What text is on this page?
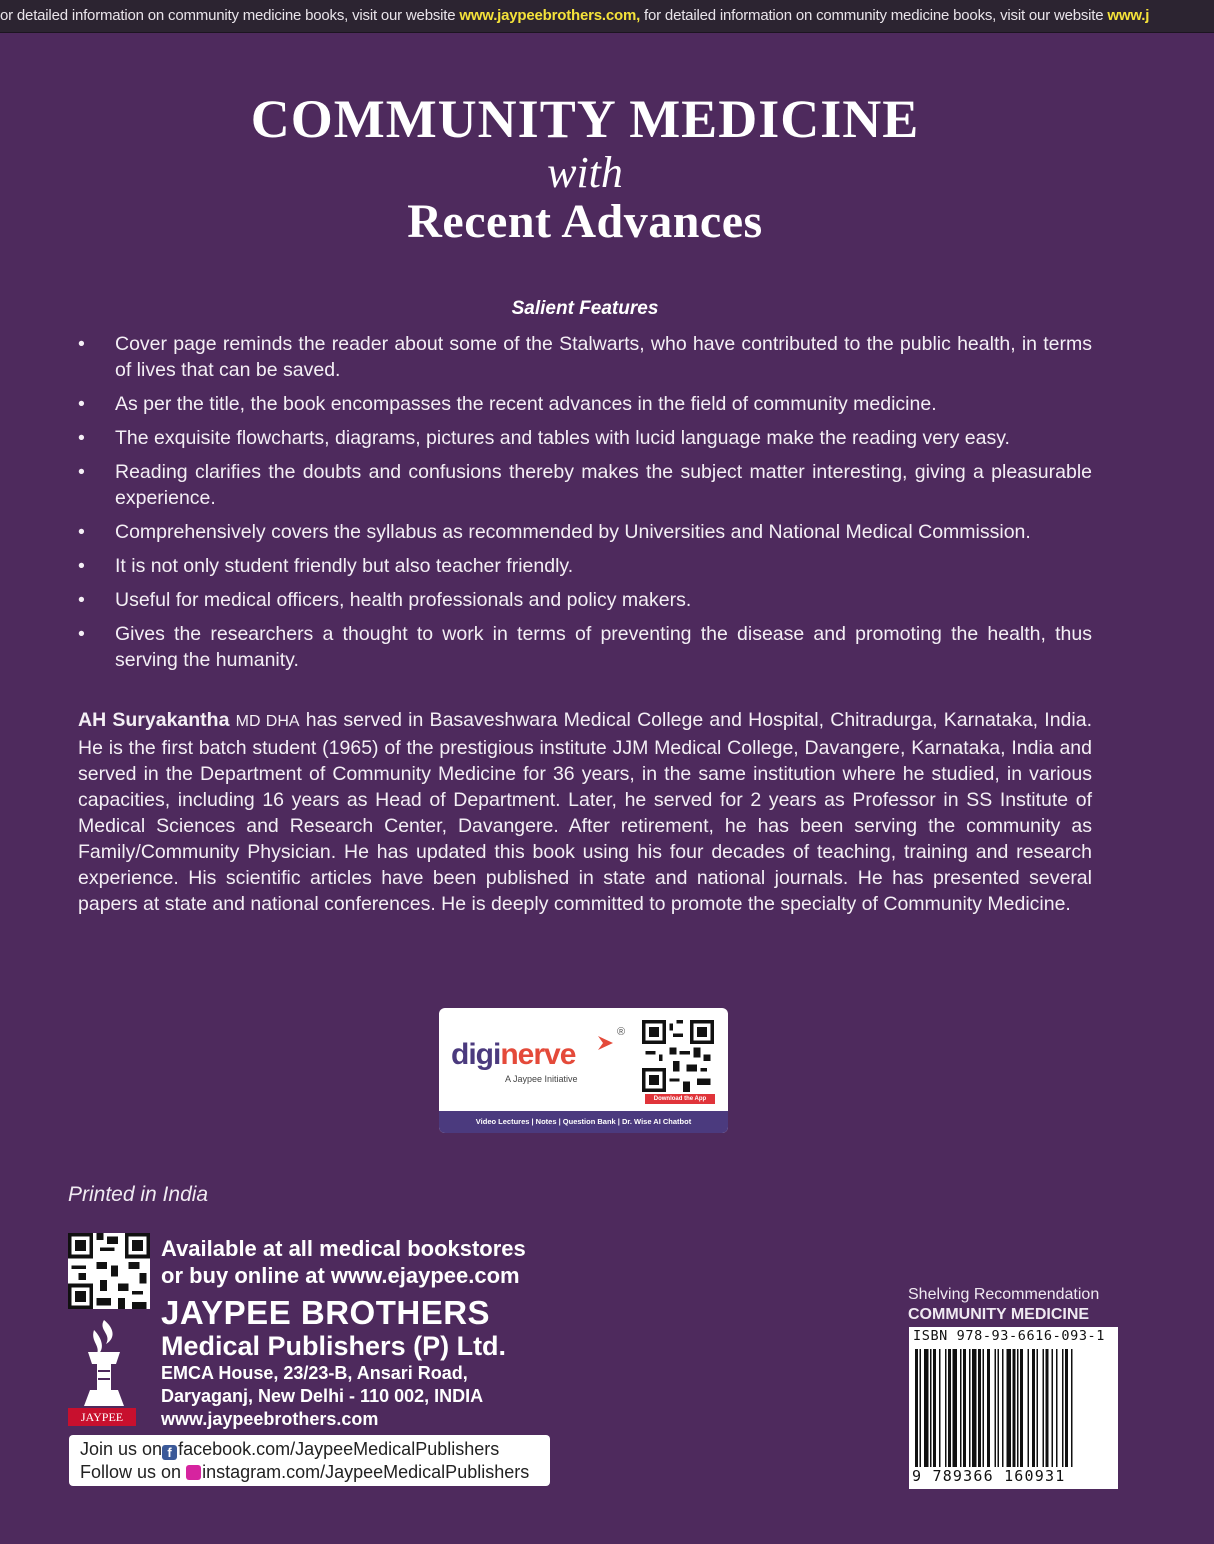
or detailed information on community medicine books, visit our website www.jaypeebrothers.com, for detailed information on community medicine books, visit our website www.j
COMMUNITY MEDICINE
with
Recent Advances
Salient Features
• Cover page reminds the reader about some of the Stalwarts, who have contributed to the public health, in terms of lives that can be saved.
• As per the title, the book encompasses the recent advances in the field of community medicine.
• The exquisite flowcharts, diagrams, pictures and tables with lucid language make the reading very easy.
• Reading clarifies the doubts and confusions thereby makes the subject matter interesting, giving a pleasurable experience.
• Comprehensively covers the syllabus as recommended by Universities and National Medical Commission.
• It is not only student friendly but also teacher friendly.
• Useful for medical officers, health professionals and policy makers.
• Gives the researchers a thought to work in terms of preventing the disease and promoting the health, thus serving the humanity.
AH Suryakantha MD DHA has served in Basaveshwara Medical College and Hospital, Chitradurga, Karnataka, India. He is the first batch student (1965) of the prestigious institute JJM Medical College, Davangere, Karnataka, India and served in the Department of Community Medicine for 36 years, in the same institution where he studied, in various capacities, including 16 years as Head of Department. Later, he served for 2 years as Professor in SS Institute of Medical Sciences and Research Center, Davangere. After retirement, he has been serving the community as Family/Community Physician. He has updated this book using his four decades of teaching, training and research experience. His scientific articles have been published in state and national journals. He has presented several papers at state and national conferences. He is deeply committed to promote the specialty of Community Medicine.
diginerve
®
A Jaypee Initiative
Download the App
Video Lectures | Notes | Question Bank | Dr. Wise AI Chatbot
Printed in India
Available at all medical bookstores
or buy online at www.ejaypee.com
JAYPEE BROTHERS
Medical Publishers (P) Ltd.
EMCA House, 23/23-B, Ansari Road,
Daryaganj, New Delhi - 110 002, INDIA
www.jaypeebrothers.com
JAYPEE
Join us on f facebook.com/JaypeeMedicalPublishers
Follow us on instagram.com/JaypeeMedicalPublishers
Shelving Recommendation
COMMUNITY MEDICINE
ISBN 978-93-6616-093-1
9 789366 160931
